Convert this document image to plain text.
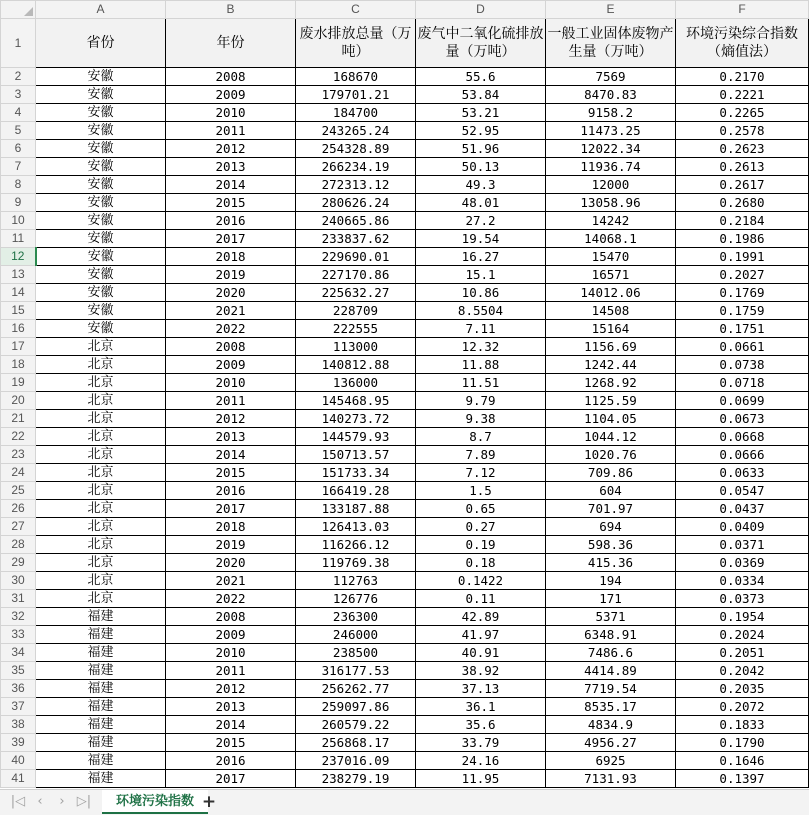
	A	B	C	D	E	F
1	省份	年份	废水排放总量（万吨）	废气中二氧化硫排放量（万吨）	一般工业固体废物产生量（万吨）	环境污染综合指数（熵值法）
2	安徽	2008	168670	55.6	7569	0.2170
3	安徽	2009	179701.21	53.84	8470.83	0.2221
4	安徽	2010	184700	53.21	9158.2	0.2265
5	安徽	2011	243265.24	52.95	11473.25	0.2578
6	安徽	2012	254328.89	51.96	12022.34	0.2623
7	安徽	2013	266234.19	50.13	11936.74	0.2613
8	安徽	2014	272313.12	49.3	12000	0.2617
9	安徽	2015	280626.24	48.01	13058.96	0.2680
10	安徽	2016	240665.86	27.2	14242	0.2184
11	安徽	2017	233837.62	19.54	14068.1	0.1986
12	安徽	2018	229690.01	16.27	15470	0.1991
13	安徽	2019	227170.86	15.1	16571	0.2027
14	安徽	2020	225632.27	10.86	14012.06	0.1769
15	安徽	2021	228709	8.5504	14508	0.1759
16	安徽	2022	222555	7.11	15164	0.1751
17	北京	2008	113000	12.32	1156.69	0.0661
18	北京	2009	140812.88	11.88	1242.44	0.0738
19	北京	2010	136000	11.51	1268.92	0.0718
20	北京	2011	145468.95	9.79	1125.59	0.0699
21	北京	2012	140273.72	9.38	1104.05	0.0673
22	北京	2013	144579.93	8.7	1044.12	0.0668
23	北京	2014	150713.57	7.89	1020.76	0.0666
24	北京	2015	151733.34	7.12	709.86	0.0633
25	北京	2016	166419.28	1.5	604	0.0547
26	北京	2017	133187.88	0.65	701.97	0.0437
27	北京	2018	126413.03	0.27	694	0.0409
28	北京	2019	116266.12	0.19	598.36	0.0371
29	北京	2020	119769.38	0.18	415.36	0.0369
30	北京	2021	112763	0.1422	194	0.0334
31	北京	2022	126776	0.11	171	0.0373
32	福建	2008	236300	42.89	5371	0.1954
33	福建	2009	246000	41.97	6348.91	0.2024
34	福建	2010	238500	40.91	7486.6	0.2051
35	福建	2011	316177.53	38.92	4414.89	0.2042
36	福建	2012	256262.77	37.13	7719.54	0.2035
37	福建	2013	259097.86	36.1	8535.17	0.2072
38	福建	2014	260579.22	35.6	4834.9	0.1833
39	福建	2015	256868.17	33.79	4956.27	0.1790
40	福建	2016	237016.09	24.16	6925	0.1646
41	福建	2017	238279.19	11.95	7131.93	0.1397
|◁ ‹	› ▷|	环境污染指数 +
